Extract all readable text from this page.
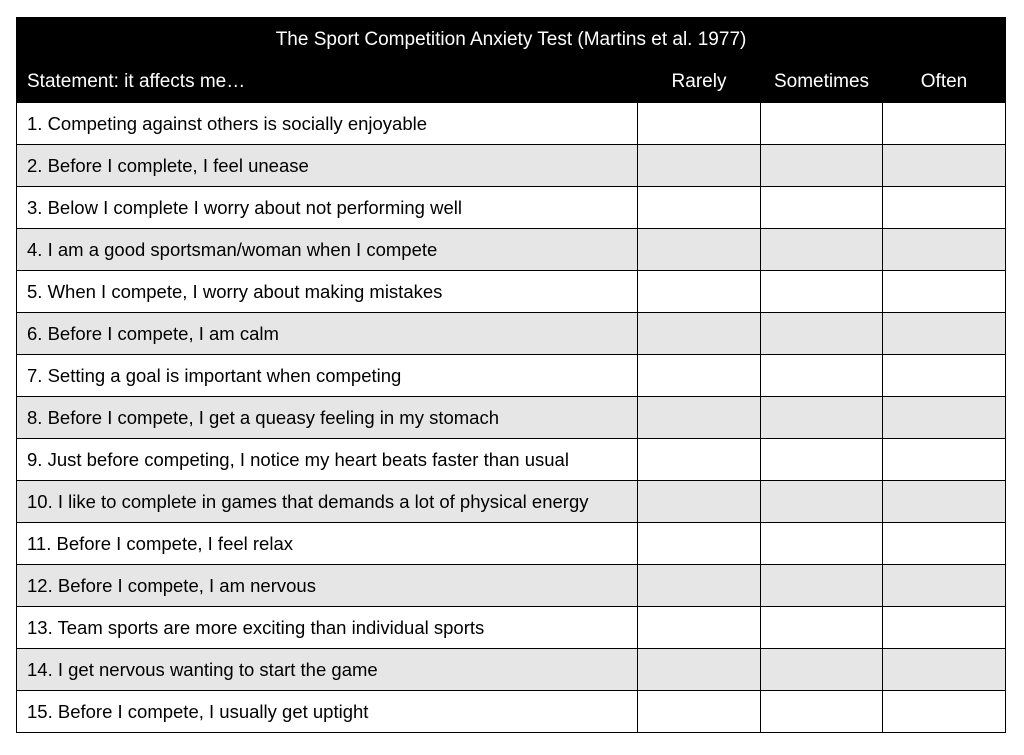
The Sport Competition Anxiety Test (Martins et al. 1977)			
Statement: it affects me…	Rarely	Sometimes	Often
1. Competing against others is socially enjoyable			
2. Before I complete, I feel unease			
3. Below I complete I worry about not performing well			
4. I am a good sportsman/woman when I compete			
5. When I compete, I worry about making mistakes			
6. Before I compete, I am calm			
7. Setting a goal is important when competing			
8. Before I compete, I get a queasy feeling in my stomach			
9. Just before competing, I notice my heart beats faster than usual			
10. I like to complete in games that demands a lot of physical energy			
11. Before I compete, I feel relax			
12. Before I compete, I am nervous			
13. Team sports are more exciting than individual sports			
14. I get nervous wanting to start the game			
15. Before I compete, I usually get uptight			
